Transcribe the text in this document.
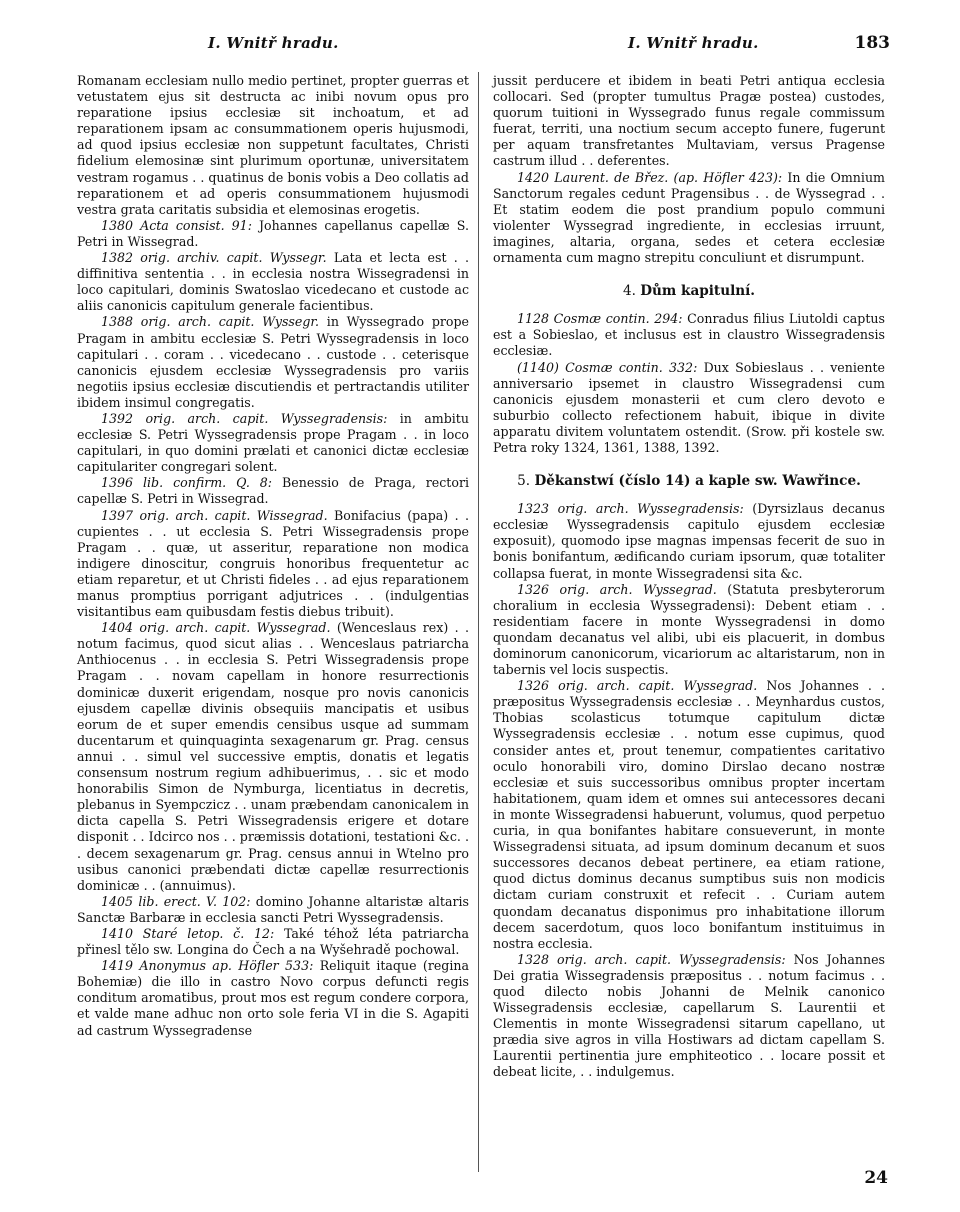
I. Wnitř hradu.	I. Wnitř hradu.	183

Romanam ecclesiam nullo medio pertinet, propter guerras et vetustatem ejus sit destructa ac inibi novum opus pro reparatione ipsius ecclesiæ sit inchoatum, et ad reparationem ipsam ac consummationem operis hujusmodi, ad quod ipsius ecclesiæ non suppetunt facultates, Christi fidelium elemosinæ sint plurimum oportunæ, universitatem vestram rogamus . . quatinus de bonis vobis a Deo collatis ad reparationem et ad operis consummationem hujusmodi vestra grata caritatis subsidia et elemosinas erogetis.

1380 Acta consist. 91: Johannes capellanus capellæ S. Petri in Wissegrad.

1382 orig. archiv. capit. Wyssegr. Lata et lecta est . . diffinitiva sententia . . in ecclesia nostra Wissegradensi in loco capitulari, dominis Swatoslao vicedecano et custode ac aliis canonicis capitulum generale facientibus.

1388 orig. arch. capit. Wyssegr. in Wyssegrado prope Pragam in ambitu ecclesiæ S. Petri Wyssegradensis in loco capitulari . . coram . . vicedecano . . custode . . ceterisque canonicis ejusdem ecclesiæ Wyssegradensis pro variis negotiis ipsius ecclesiæ discutiendis et pertractandis utiliter ibidem insimul congregatis.

1392 orig. arch. capit. Wyssegradensis: in ambitu ecclesiæ S. Petri Wyssegradensis prope Pragam . . in loco capitulari, in quo domini prælati et canonici dictæ ecclesiæ capitulariter congregari solent.

1396 lib. confirm. Q. 8: Benessio de Praga, rectori capellæ S. Petri in Wissegrad.

1397 orig. arch. capit. Wissegrad. Bonifacius (papa) . . cupientes . . ut ecclesia S. Petri Wissegradensis prope Pragam . . quæ, ut asseritur, reparatione non modica indigere dinoscitur, congruis honoribus frequentetur ac etiam reparetur, et ut Christi fideles . . ad ejus reparationem manus promptius porrigant adjutrices . . (indulgentias visitantibus eam quibusdam festis diebus tribuit).

1404 orig. arch. capit. Wyssegrad. (Wenceslaus rex) . . notum facimus, quod sicut alias . . Wenceslaus patriarcha Anthiocenus . . in ecclesia S. Petri Wissegradensis prope Pragam . . novam capellam in honore resurrectionis dominicæ duxerit erigendam, nosque pro novis canonicis ejusdem capellæ divinis obsequiis mancipatis et usibus eorum de et super emendis censibus usque ad summam ducentarum et quinquaginta sexagenarum gr. Prag. census annui . . simul vel successive emptis, donatis et legatis consensum nostrum regium adhibuerimus, . . sic et modo honorabilis Simon de Nymburga, licentiatus in decretis, plebanus in Syempczicz . . unam præbendam canonicalem in dicta capella S. Petri Wissegradensis erigere et dotare disponit . . Idcirco nos . . præmissis dotationi, testationi &c. . . decem sexagenarum gr. Prag. census annui in Wtelno pro usibus canonici præbendati dictæ capellæ resurrectionis dominicæ . . (annuimus).

1405 lib. erect. V. 102: domino Johanne altaristæ altaris Sanctæ Barbaræ in ecclesia sancti Petri Wyssegradensis.

1410 Staré letop. č. 12: Také téhož léta patriarcha přinesl tělo sw. Longina do Čech a na Wyšehradě pochowal.

1419 Anonymus ap. Höfler 533: Reliquit itaque (regina Bohemiæ) die illo in castro Novo corpus defuncti regis conditum aromatibus, prout mos est regum condere corpora, et valde mane adhuc non orto sole feria VI in die S. Agapiti ad castrum Wyssegradense

jussit perducere et ibidem in beati Petri antiqua ecclesia collocari. Sed (propter tumultus Pragæ postea) custodes, quorum tuitioni in Wyssegrado funus regale commissum fuerat, territi, una noctium secum accepto funere, fugerunt per aquam transfretantes Multaviam, versus Pragense castrum illud . . deferentes.

1420 Laurent. de Břez. (ap. Höfler 423): In die Omnium Sanctorum regales cedunt Pragensibus . . de Wyssegrad . . Et statim eodem die post prandium populo communi violenter Wyssegrad ingrediente, in ecclesias irruunt, imagines, altaria, organa, sedes et cetera ecclesiæ ornamenta cum magno strepitu conculiunt et disrumpunt.

4. Dům kapitulní.

1128 Cosmæ contin. 294: Conradus filius Liutoldi captus est a Sobieslao, et inclusus est in claustro Wissegradensis ecclesiæ.

(1140) Cosmæ contin. 332: Dux Sobieslaus . . veniente anniversario ipsemet in claustro Wissegradensi cum canonicis ejusdem monasterii et cum clero devoto e suburbio collecto refectionem habuit, ibique in divite apparatu divitem voluntatem ostendit. (Srow. při kostele sw. Petra roky 1324, 1361, 1388, 1392.

5. Děkanstwí (číslo 14) a kaple sw. Wawřince.

1323 orig. arch. Wyssegradensis: (Dyrsizlaus decanus ecclesiæ Wyssegradensis capitulo ejusdem ecclesiæ exposuit), quomodo ipse magnas impensas fecerit de suo in bonis bonifantum, ædificando curiam ipsorum, quæ totaliter collapsa fuerat, in monte Wissegradensi sita &c.

1326 orig. arch. Wyssegrad. (Statuta presbyterorum choralium in ecclesia Wyssegradensi): Debent etiam . . residentiam facere in monte Wyssegradensi in domo quondam decanatus vel alibi, ubi eis placuerit, in dombus dominorum canonicorum, vicariorum ac altaristarum, non in tabernis vel locis suspectis.

1326 orig. arch. capit. Wyssegrad. Nos Johannes . . præpositus Wyssegradensis ecclesiæ . . Meynhardus custos, Thobias scolasticus totumque capitulum dictæ Wyssegradensis ecclesiæ . . notum esse cupimus, quod consider antes et, prout tenemur, compatientes caritativo oculo honorabili viro, domino Dirslao decano nostræ ecclesiæ et suis successoribus omnibus propter incertam habitationem, quam idem et omnes sui antecessores decani in monte Wissegradensi habuerunt, volumus, quod perpetuo curia, in qua bonifantes habitare consueverunt, in monte Wissegradensi situata, ad ipsum dominum decanum et suos successores decanos debeat pertinere, ea etiam ratione, quod dictus dominus decanus sumptibus suis non modicis dictam curiam construxit et refecit . . Curiam autem quondam decanatus disponimus pro inhabitatione illorum decem sacerdotum, quos loco bonifantum instituimus in nostra ecclesia.

1328 orig. arch. capit. Wyssegradensis: Nos Johannes Dei gratia Wissegradensis præpositus . . notum facimus . . quod dilecto nobis Johanni de Melnik canonico Wissegradensis ecclesiæ, capellarum S. Laurentii et Clementis in monte Wissegradensi sitarum capellano, ut prædia sive agros in villa Hostiwars ad dictam capellam S. Laurentii pertinentia jure emphiteotico . . locare possit et debeat licite, . . indulgemus.

24
